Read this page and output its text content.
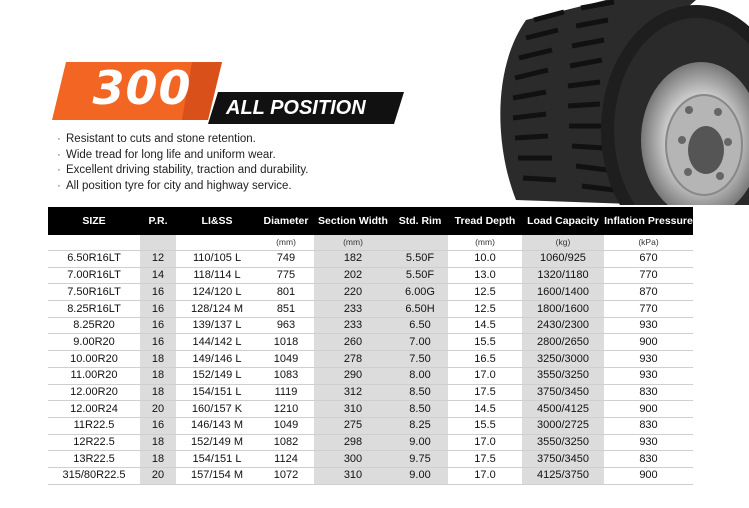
300	ALL POSITION
· Resistant to cuts and stone retention.
· Wide tread for long life and uniform wear.
· Excellent driving stability, traction and durability.
· All position tyre for city and highway service.
SIZE	P.R.	LI&SS	Diameter	Section Width	Std. Rim	Tread Depth	Load Capacity	Inflation Pressure
			(mm)	(mm)		(mm)	(kg)	(kPa)
6.50R16LT	12	110/105 L	749	182	5.50F	10.0	1060/925	670
7.00R16LT	14	118/114 L	775	202	5.50F	13.0	1320/1180	770
7.50R16LT	16	124/120 L	801	220	6.00G	12.5	1600/1400	870
8.25R16LT	16	128/124 M	851	233	6.50H	12.5	1800/1600	770
8.25R20	16	139/137 L	963	233	6.50	14.5	2430/2300	930
9.00R20	16	144/142 L	1018	260	7.00	15.5	2800/2650	900
10.00R20	18	149/146 L	1049	278	7.50	16.5	3250/3000	930
11.00R20	18	152/149 L	1083	290	8.00	17.0	3550/3250	930
12.00R20	18	154/151 L	1119	312	8.50	17.5	3750/3450	830
12.00R24	20	160/157 K	1210	310	8.50	14.5	4500/4125	900
11R22.5	16	146/143 M	1049	275	8.25	15.5	3000/2725	830
12R22.5	18	152/149 M	1082	298	9.00	17.0	3550/3250	930
13R22.5	18	154/151 L	1124	300	9.75	17.5	3750/3450	830
315/80R22.5	20	157/154 M	1072	310	9.00	17.0	4125/3750	900
